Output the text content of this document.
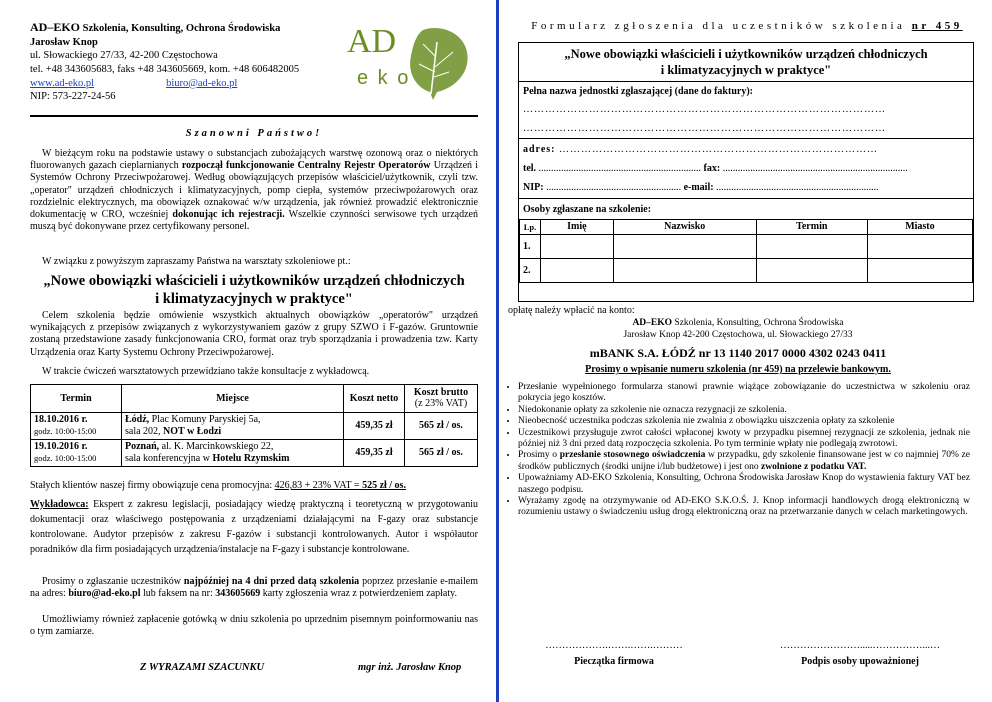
AD–EKO Szkolenia, Konsulting, Ochrona Środowiska
Jarosław Knop
ul. Słowackiego 27/33, 42-200 Częstochowa
tel. +48 343605683, faks +48 343605669, kom. +48 606482005
www.ad-eko.pl	biuro@ad-eko.pl
NIP: 573-227-24-56
AD
e k o
Szanowni Państwo!
W bieżącym roku na podstawie ustawy o substancjach zubożających warstwę ozonową oraz o niektórych fluorowanych gazach cieplarnianych rozpoczął funkcjonowanie Centralny Rejestr Operatorów Urządzeń i Systemów Ochrony Przeciwpożarowej. Według obowiązujących przepisów właściciel/użytkownik, czyli tzw. „operator" urządzeń chłodniczych i klimatyzacyjnych, pomp ciepła, systemów przeciwpożarowych oraz rozdzielnic elektrycznych, ma obowiązek oznakować w/w urządzenia, jak również prowadzić elektronicznie dokumentację w CRO, wcześniej dokonując ich rejestracji. Wszelkie czynności serwisowe tych urządzeń muszą być dokonywane przez certyfikowany personel.
W związku z powyższym zapraszamy Państwa na warsztaty szkoleniowe pt.:
„Nowe obowiązki właścicieli i użytkowników urządzeń chłodniczych
i klimatyzacyjnych w praktyce"
Celem szkolenia będzie omówienie wszystkich aktualnych obowiązków „operatorów" urządzeń wynikających z przepisów związanych z wykorzystywaniem gazów z grupy SZWO i F-gazów. Gruntownie zostaną przedstawione zasady funkcjonowania CRO, format oraz tryb sporządzania i prowadzenia tzw. Karty Urządzenia oraz Karty Systemu Ochrony Przeciwpożarowej.
W trakcie ćwiczeń warsztatowych przewidziano także konsultacje z wykładowcą.
Termin	Miejsce	Koszt netto	Koszt brutto
(z 23% VAT)
18.10.2016 r.
godz. 10:00-15:00	Łódź, Plac Komuny Paryskiej 5a,
sala 202, NOT w Łodzi	459,35 zł	565 zł / os.
19.10.2016 r.
godz. 10:00-15:00	Poznań, al. K. Marcinkowskiego 22,
sala konferencyjna w Hotelu Rzymskim	459,35 zł	565 zł / os.
Stałych klientów naszej firmy obowiązuje cena promocyjna: 426,83 + 23% VAT = 525 zł / os.
Wykładowca: Ekspert z zakresu legislacji, posiadający wiedzę praktyczną i teoretyczną w przygotowaniu dokumentacji oraz właściwego postępowania z urządzeniami działającymi na F-gazy oraz substancje kontrolowane. Audytor przepisów z zakresu F-gazów i substancji kontrolowanych. Autor i współautor poradników dla firm posiadających urządzenia/instalacje na F-gazy i substancje kontrolowane.
Prosimy o zgłaszanie uczestników najpóźniej na 4 dni przed datą szkolenia poprzez przesłanie e-mailem na adres: biuro@ad-eko.pl lub faksem na nr: 343605669 karty zgłoszenia wraz z potwierdzeniem zapłaty.
Umożliwiamy również zapłacenie gotówką w dniu szkolenia po uprzednim pisemnym poinformowaniu nas o tym zamiarze.
Z WYRAZAMI SZACUNKU	mgr inż. Jarosław Knop
Formularz zgłoszenia dla uczestników szkolenia nr 459
„Nowe obowiązki właścicieli i użytkowników urządzeń chłodniczych
i klimatyzacyjnych w praktyce"
Pełna nazwa jednostki zgłaszającej (dane do faktury):
………………………………………………………………………………………
………………………………………………………………………………………
adres: ……………………………………………………………………………
tel. ................................................................. fax: ..........................................................................
NIP: ...................................................... e-mail: .................................................................
Osoby zgłaszane na szkolenie:
Lp.	Imię	Nazwisko	Termin	Miasto
1.				
2.				
opłatę należy wpłacić na konto:
AD–EKO Szkolenia, Konsulting, Ochrona Środowiska
Jarosław Knop 42-200 Częstochowa, ul. Słowackiego 27/33
mBANK S.A. ŁÓDŹ nr 13 1140 2017 0000 4302 0243 0411
Prosimy o wpisanie numeru szkolenia (nr 459) na przelewie bankowym.
• Przesłanie wypełnionego formularza stanowi prawnie wiążące zobowiązanie do uczestnictwa w szkoleniu oraz pokrycia jego kosztów.
• Niedokonanie opłaty za szkolenie nie oznacza rezygnacji ze szkolenia.
• Nieobecność uczestnika podczas szkolenia nie zwalnia z obowiązku uiszczenia opłaty za szkolenie
• Uczestnikowi przysługuje zwrot całości wpłaconej kwoty w przypadku pisemnej rezygnacji ze szkolenia, jednak nie później niż 3 dni przed datą rozpoczęcia szkolenia. Po tym terminie wpłaty nie podlegają zwrotowi.
• Prosimy o przesłanie stosownego oświadczenia w przypadku, gdy szkolenie finansowane jest w co najmniej 70% ze środków publicznych (środki unijne i/lub budżetowe) i jest ono zwolnione z podatku VAT.
• Upoważniamy AD-EKO Szkolenia, Konsulting, Ochrona Środowiska Jarosław Knop do wystawienia faktury VAT bez naszego podpisu.
• Wyrażamy zgodę na otrzymywanie od AD-EKO S.K.O.Ś. J. Knop informacji handlowych drogą elektroniczną w rozumieniu ustawy o świadczeniu usług drogą elektroniczną oraz na przetwarzanie danych w celach marketingowych.
……………….…….…….………	…………………….....……………...…
Pieczątka firmowa	Podpis osoby upoważnionej
